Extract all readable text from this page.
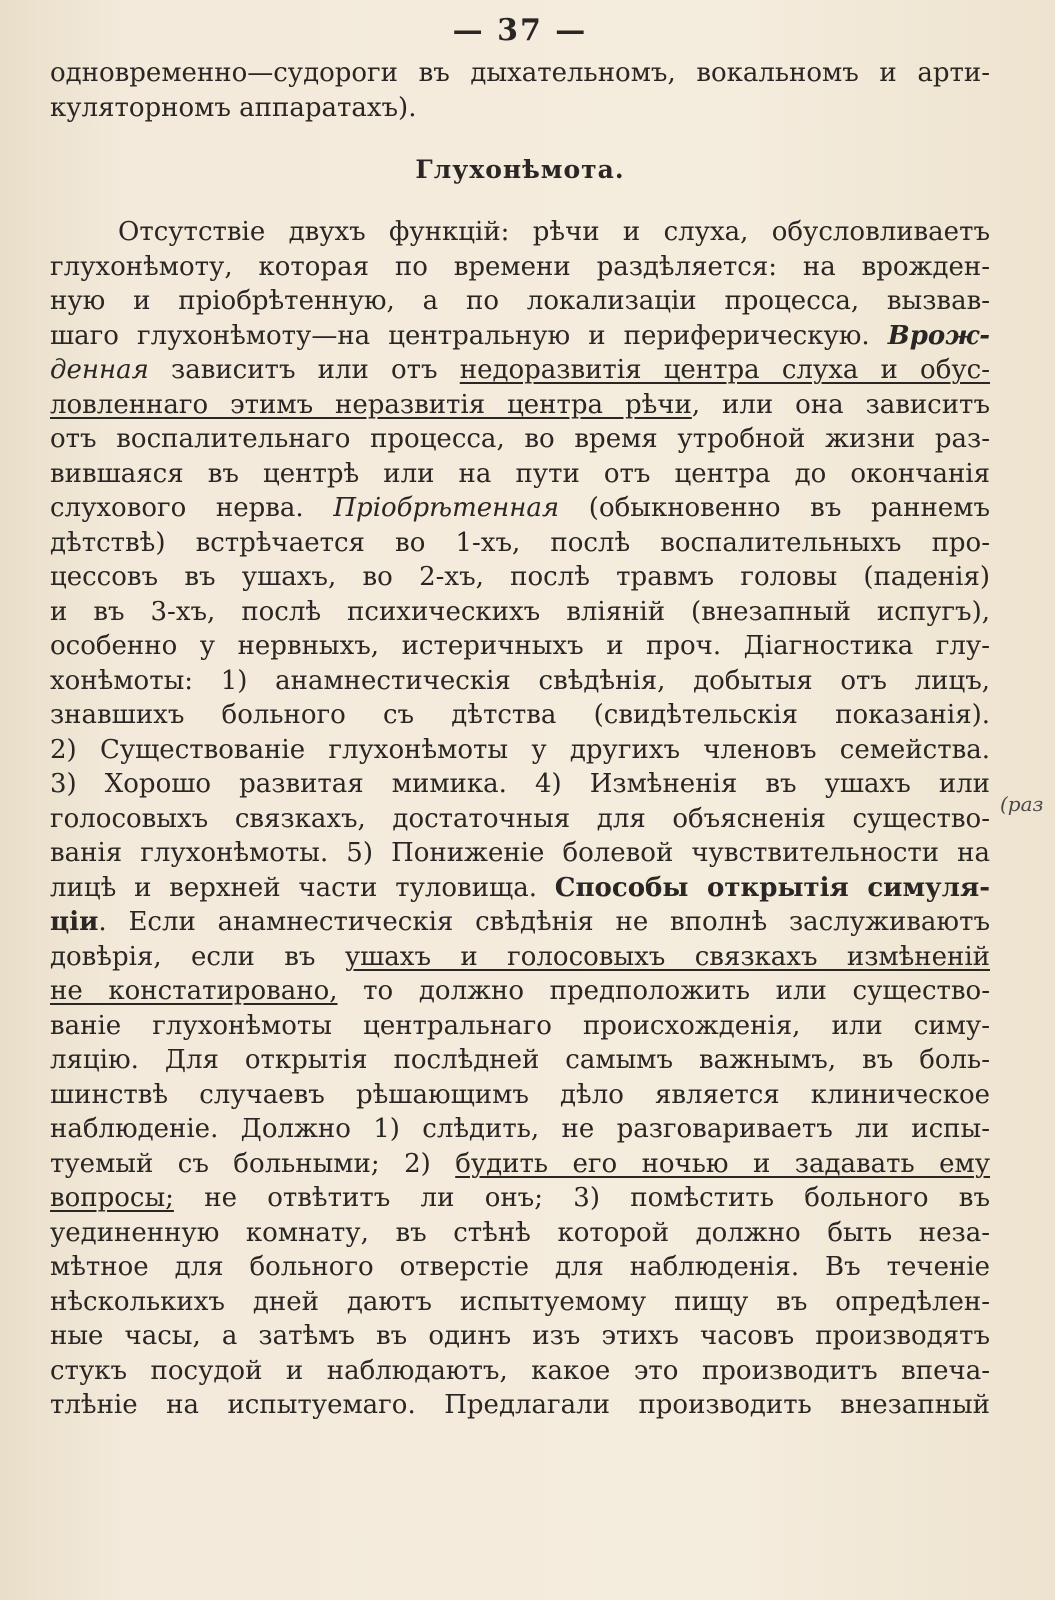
— 37 —
одновременно—судороги въ дыхательномъ, вокальномъ и арти-
куляторномъ аппаратахъ).
Глухонѣмота.
Отсутствіе двухъ функцій: рѣчи и слуха, обусловливаетъ
глухонѣмоту, которая по времени раздѣляется: на врожден-
ную и пріобрѣтенную, а по локализаціи процесса, вызвав-
шаго глухонѣмоту—на центральную и периферическую. Врож-
денная зависитъ или отъ недоразвитія центра слуха и обус-
ловленнаго этимъ неразвитія центра рѣчи, или она зависитъ
отъ воспалительнаго процесса, во время утробной жизни раз-
вившаяся въ центрѣ или на пути отъ центра до окончанія
слухового нерва. Пріобрѣтенная (обыкновенно въ раннемъ
дѣтствѣ) встрѣчается во 1-хъ, послѣ воспалительныхъ про-
цессовъ въ ушахъ, во 2-хъ, послѣ травмъ головы (паденія)
и въ 3-хъ, послѣ психическихъ вліяній (внезапный испугъ),
особенно у нервныхъ, истеричныхъ и проч. Діагностика глу-
хонѣмоты: 1) анамнестическія свѣдѣнія, добытыя отъ лицъ,
знавшихъ больного съ дѣтства (свидѣтельскія показанія).
2) Существованіе глухонѣмоты у другихъ членовъ семейства.
3) Хорошо развитая мимика. 4) Измѣненія въ ушахъ или
голосовыхъ связкахъ, достаточныя для объясненія существо-
ванія глухонѣмоты. 5) Пониженіе болевой чувствительности на
лицѣ и верхней части туловища. Способы открытія симуля-
ціи. Если анамнестическія свѣдѣнія не вполнѣ заслуживаютъ
довѣрія, если въ ушахъ и голосовыхъ связкахъ измѣненій
не констатировано, то должно предположить или существо-
ваніе глухонѣмоты центральнаго происхожденія, или симу-
ляцію. Для открытія послѣдней самымъ важнымъ, въ боль-
шинствѣ случаевъ рѣшающимъ дѣло является клиническое
наблюденіе. Должно 1) слѣдить, не разговариваетъ ли испы-
туемый съ больными; 2) будить его ночью и задавать ему
вопросы; не отвѣтитъ ли онъ; 3) помѣстить больного въ
уединенную комнату, въ стѣнѣ которой должно быть неза-
мѣтное для больного отверстіе для наблюденія. Въ теченіе
нѣсколькихъ дней даютъ испытуемому пищу въ опредѣлен-
ные часы, а затѣмъ въ одинъ изъ этихъ часовъ производятъ
стукъ посудой и наблюдаютъ, какое это производитъ впеча-
тлѣніе на испытуемаго. Предлагали производить внезапный
(раз
